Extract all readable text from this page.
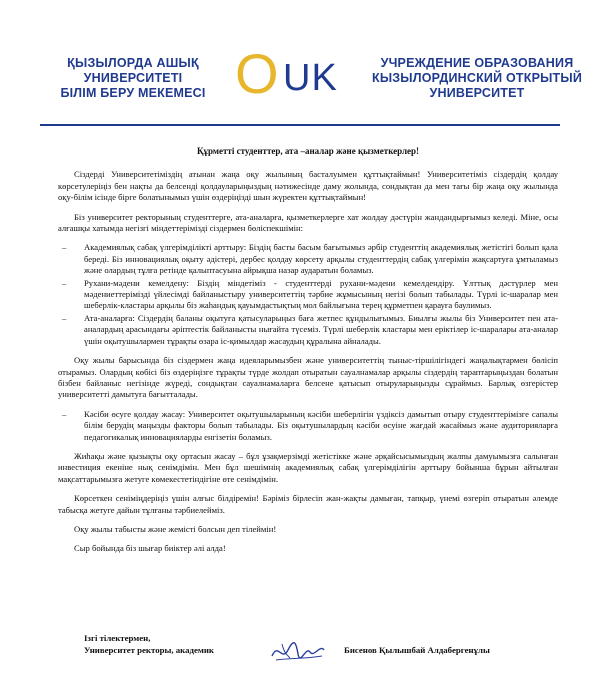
ҚЫЗЫЛОРДА АШЫҚ
УНИВЕРСИТЕТІ
БІЛІМ БЕРУ МЕКЕМЕСІ O UK	УЧРЕЖДЕНИЕ ОБРАЗОВАНИЯ
КЫЗЫЛОРДИНСКИЙ ОТКРЫТЫЙ
УНИВЕРСИТЕТ
Құрметті студенттер, ата –аналар және қызметкерлер!

Сіздерді Университетіміздің атынан жаңа оқу жылының басталуымен құттықтаймын! Университетіміз сіздердің қолдау көрсетулеріңіз бен нақты да белсенді қолдауларыңыздың нәтижесінде даму жолында, сондықтан да мен тағы бір жаңа оқу жылында оқу-білім ісінде бірге болатынымыз үшін өздеріңізді шын жүректен құттықтаймын!

Біз университет ректорының студенттерге, ата-аналарға, қызметкерлерге хат жолдау дәстүрін жандандырғымыз келеді. Міне, осы алғашқы хатымда негізгі міндеттерімізді сіздермен бөліспекшімін:

– Академиялық сабақ үлгерімділікті арттыру: Біздің басты басым бағытымыз әрбір студенттің академиялық жетістігі болып қала береді. Біз инновациялық оқыту әдістері, дербес қолдау көрсету арқылы студенттердің сабақ үлгерімін жақсартуға ұмтыламыз және олардың тұлға ретінде қалыптасуына айрықша назар аударатын боламыз.
– Рухани-мәдени кемелдену: Біздің міндетіміз - студенттерді рухани-мәдени кемелдендіру. Ұлттық дәстүрлер мен мәдениеттерімізді үйлесімді байланыстыру университеттің тәрбие жұмысының негізі болып табылады. Түрлі іс-шаралар мен шеберлік-кластары арқылы біз жаһандық қауымдастықтың мол байлығына терең құрметпен қарауға баулимыз.
– Ата-аналарға: Сіздердің баланы оқытуға қатысуларыңыз баға жетпес құндылығымыз. Биылғы жылы біз Университет пен ата-аналардың арасындағы әріптестік байланысты нығайта түсеміз. Түрлі шеберлік кластары мен еріктілер іс-шаралары ата-аналар үшін оқытушылармен тұрақты өзара іс-қимылдар жасаудың құралына айналады.

Оқу жылы барысында біз сіздермен жаңа идеяларымызбен және университеттің тыныс-тіршілігіндегі жаңалықтармен бөлісіп отырамыз. Олардың көбісі біз өздеріңізге тұрақты түрде жолдап отыратын сауалнамалар арқылы сіздердің тараптарыңыздан болатын бізбен байланыс негізінде жүреді, сондықтан сауалнамаларға белсене қатысып отыруларыңызды сұраймыз. Барлық өзгерістер университетті дамытуға бағытталады.

– Кәсіби өсуге қолдау жасау: Университет оқытушыларының кәсіби шеберлігін үздіксіз дамытып отыру студенттерімізге сапалы білім берудің маңызды факторы болып табылады. Біз оқытушылардың кәсіби өсуіне жағдай жасаймыз және аудиторияларға педагогикалық инновацияларды енгізетін боламыз.

Жиһақы және қызықты оқу ортасын жасау – бұл ұзақмерзімді жетістікке және әрқайсысымыздың жалпы дамуымызға салынған инвестиция екеніне нық сенімдімін. Мен бұл шешімнің академиялық сабақ үлгерімділігін арттыру бойынша бұрын айтылған мақсаттарымызға жетуге көмекестетіндігіне өте сенімдімін.

Көрсеткен сеніміңдеріңіз үшін алғыс білдіремін! Бәріміз бірлесіп жан-жақты дамыған, тапқыр, үнемі өзгеріп отыратын әлемде табысқа жетуге дайын тұлғаны тәрбиелейміз.

Оқу жылы табысты және жемісті болсын деп тілеймін!

Сыр бойында бiз шығар биiктер әлi алда!

Ізгі тілектермен,
Университет ректоры, академик	Бисенов Қылышбай Алдабергенұлы
